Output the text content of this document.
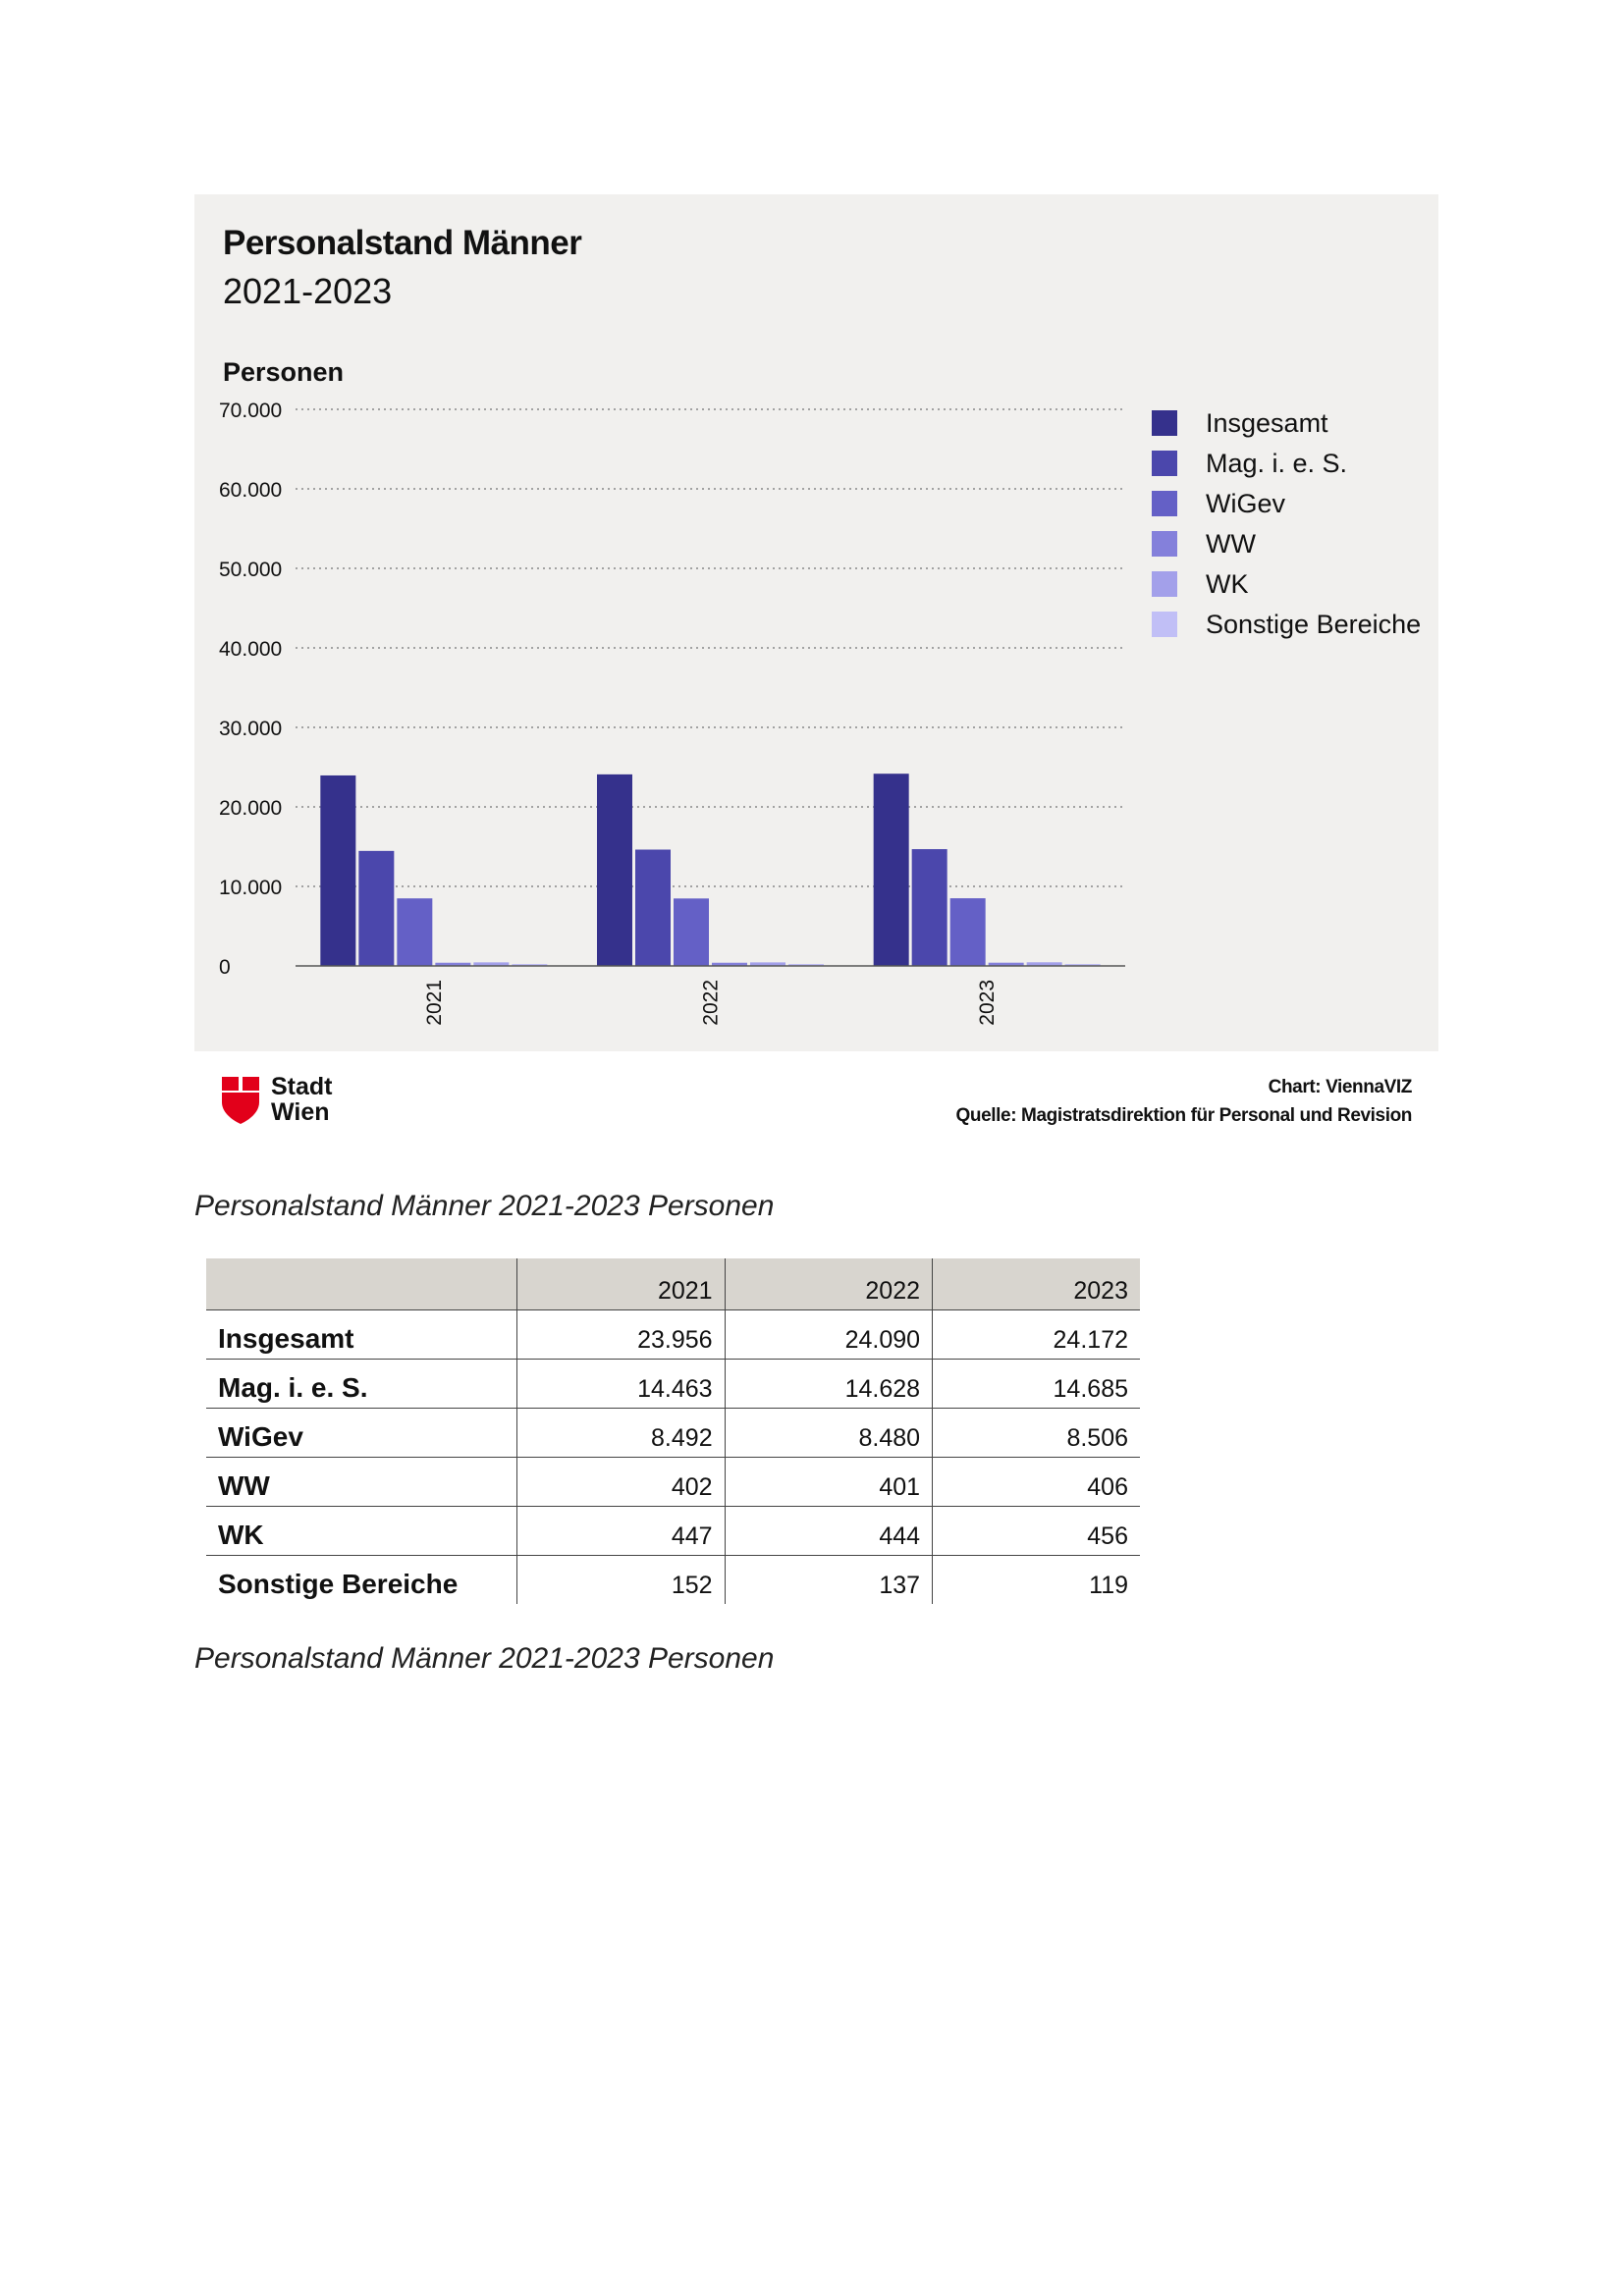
Personalstand Männer
2021-2023
Personen
0
10.000
20.000
30.000
40.000
50.000
60.000
70.000
2021	2022	2023
Insgesamt
Mag. i. e. S.
WiGev
WW
WK
Sonstige Bereiche
Stadt
Wien
Chart: ViennaVIZ
Quelle: Magistratsdirektion für Personal und Revision
Personalstand Männer 2021-2023 Personen
	2021	2022	2023
Insgesamt	23.956	24.090	24.172
Mag. i. e. S.	14.463	14.628	14.685
WiGev	8.492	8.480	8.506
WW	402	401	406
WK	447	444	456
Sonstige Bereiche	152	137	119
Personalstand Männer 2021-2023 Personen
